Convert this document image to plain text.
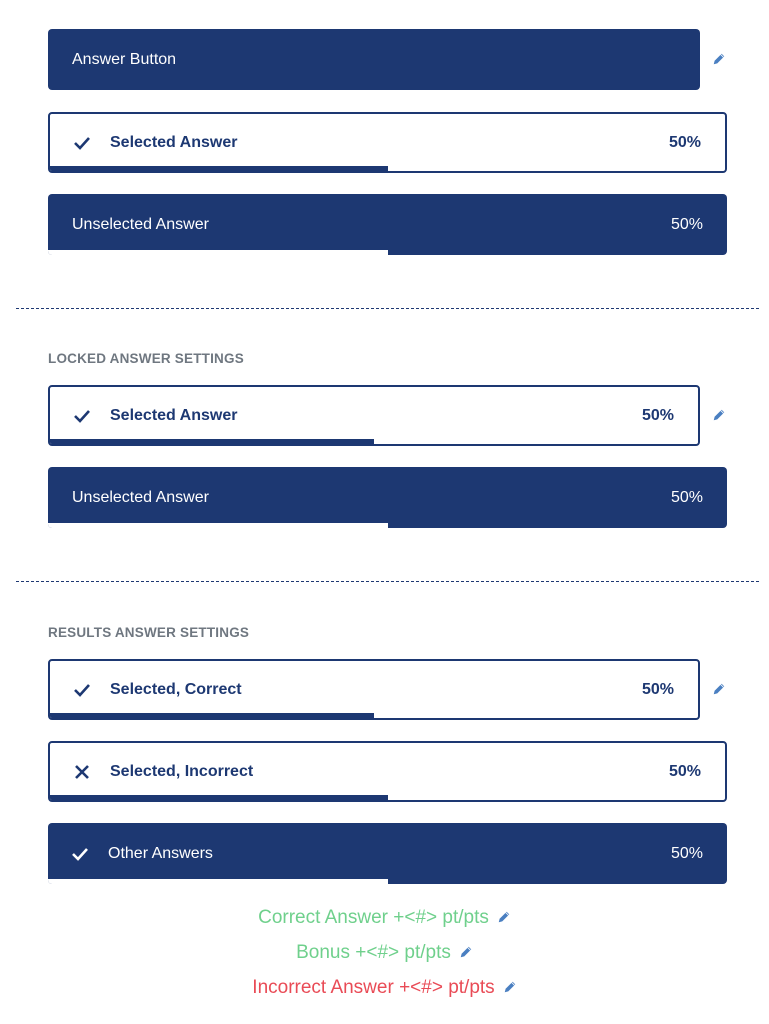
Answer Button
Selected Answer	50%
Unselected Answer	50%
LOCKED ANSWER SETTINGS
Selected Answer	50%
Unselected Answer	50%
RESULTS ANSWER SETTINGS
Selected, Correct	50%
Selected, Incorrect	50%
Other Answers	50%
Correct Answer +<#> pt/pts
Bonus +<#> pt/pts
Incorrect Answer +<#> pt/pts
